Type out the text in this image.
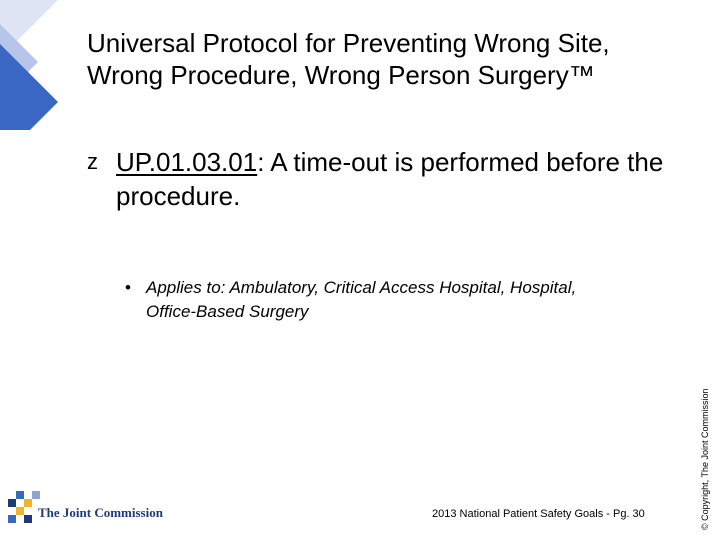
Universal Protocol for Preventing Wrong Site,
Wrong Procedure, Wrong Person Surgery™
z UP.01.03.01: A time-out is performed before the procedure.
• Applies to: Ambulatory, Critical Access Hospital, Hospital, Office-Based Surgery
© Copyright, The Joint Commission
The Joint Commission	2013 National Patient Safety Goals - Pg. 30
